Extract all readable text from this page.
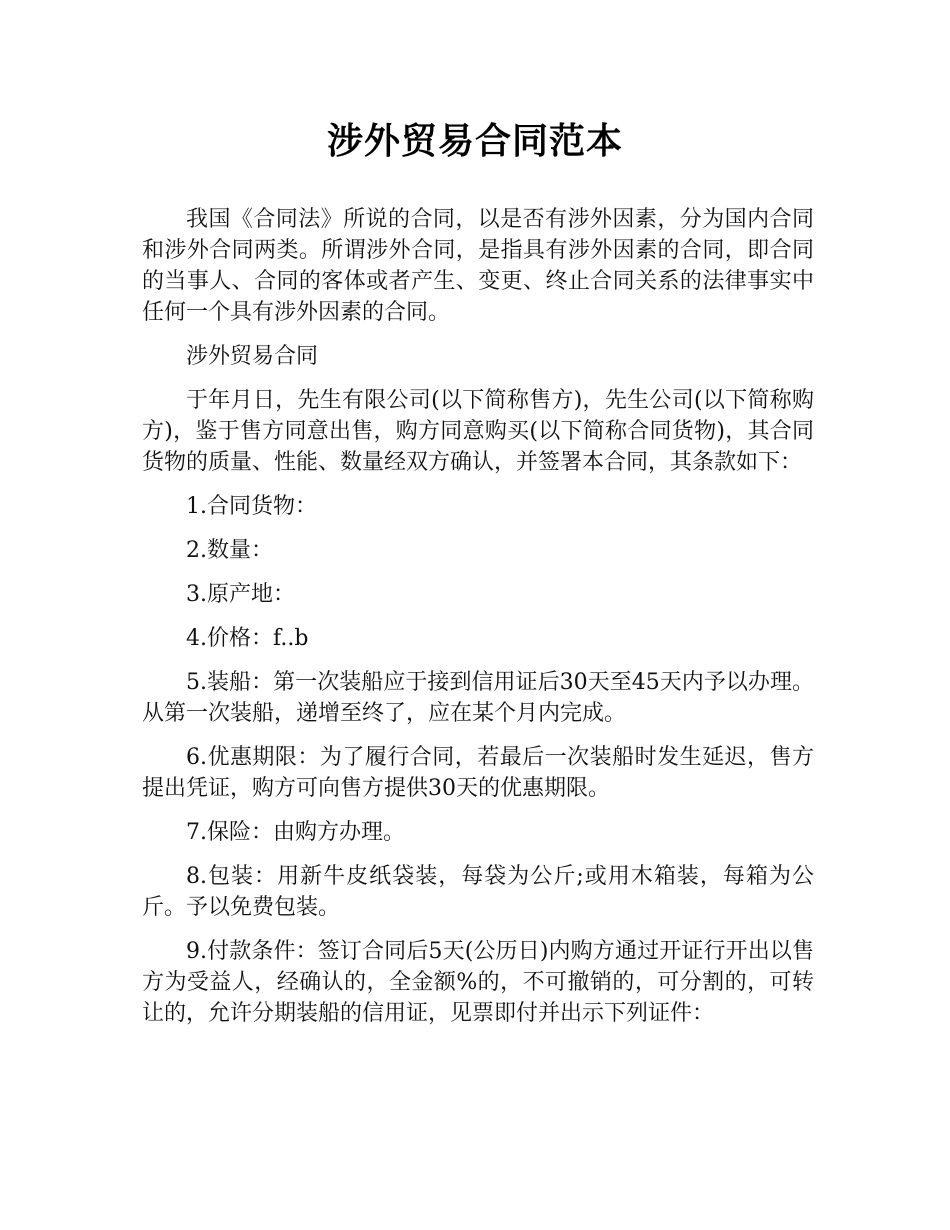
涉外贸易合同范本

我国《合同法》所说的合同，以是否有涉外因素，分为国内合同和涉外合同两类。所谓涉外合同，是指具有涉外因素的合同，即合同的当事人、合同的客体或者产生、变更、终止合同关系的法律事实中任何一个具有涉外因素的合同。

涉外贸易合同

于年月日，先生有限公司(以下简称售方)，先生公司(以下简称购方)，鉴于售方同意出售，购方同意购买(以下简称合同货物)，其合同货物的质量、性能、数量经双方确认，并签署本合同，其条款如下：

1.合同货物：

2.数量：

3.原产地：

4.价格：f..b

5.装船：第一次装船应于接到信用证后30天至45天内予以办理。从第一次装船，递增至终了，应在某个月内完成。

6.优惠期限：为了履行合同，若最后一次装船时发生延迟，售方提出凭证，购方可向售方提供30天的优惠期限。

7.保险：由购方办理。

8.包装：用新牛皮纸袋装，每袋为公斤;或用木箱装，每箱为公斤。予以免费包装。

9.付款条件：签订合同后5天(公历日)内购方通过开证行开出以售方为受益人，经确认的，全金额%的，不可撤销的，可分割的，可转让的，允许分期装船的信用证，见票即付并出示下列证件：
